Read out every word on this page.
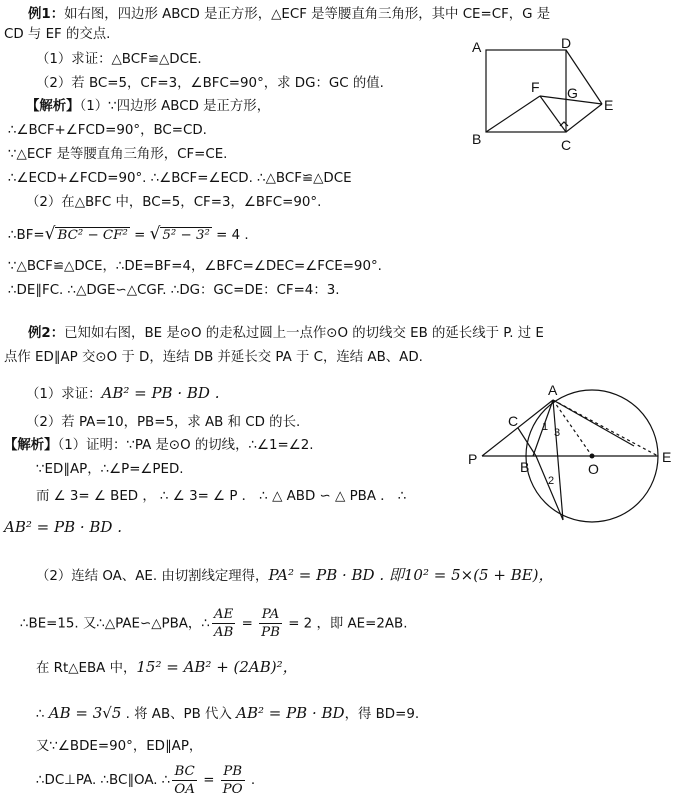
例1：如右图，四边形 ABCD 是正方形，△ECF 是等腰直角三角形，其中 CE=CF，G 是
CD 与 EF 的交点.
（1）求证：△BCF≌△DCE.
（2）若 BC=5，CF=3，∠BFC=90°，求 DG：GC 的值.
【解析】（1）∵四边形 ABCD 是正方形，
∴∠BCF+∠FCD=90°，BC=CD.
∵△ECF 是等腰直角三角形，CF=CE.
∴∠ECD+∠FCD=90°. ∴∠BCF=∠ECD. ∴△BCF≌△DCE
（2）在△BFC 中，BC=5，CF=3，∠BFC=90°.
∴BF=√ BC² − CF² = √ 5² − 3² = 4 .
∵△BCF≌△DCE，∴DE=BF=4，∠BFC=∠DEC=∠FCE=90°.
∴DE∥FC. ∴△DGE∽△CGF. ∴DG：GC=DE：CF=4：3.
A	D
B	C
E
F G
例2：已知如右图，BE 是⊙O 的走私过圆上一点作⊙O 的切线交 EB 的延长线于 P. 过 E
点作 ED∥AP 交⊙O 于 D，连结 DB 并延长交 PA 于 C，连结 AB、AD.
（1）求证：AB² = PB · BD .
（2）若 PA=10，PB=5，求 AB 和 CD 的长.
【解析】（1）证明：∵PA 是⊙O 的切线，∴∠1=∠2.
∵ED∥AP，∴∠P=∠PED.
而 ∠ 3= ∠ BED ， ∴ ∠ 3= ∠ P ． ∴ △ ABD ∽ △ PBA ． ∴
AB² = PB · BD .
（2）连结 OA、AE. 由切割线定理得，PA² = PB · BD . 即10² = 5×(5 + BE)，
∴BE=15. 又∴△PAE∽△PBA，∴ $\frac{AE}{AB} = \frac{PA}{PB} = 2$ ，即 AE=2AB.
在 Rt△EBA 中，15² = AB² + (2AB)²，
∴ AB = 3√5 . 将 AB、PB 代入 AB² = PB · BD，得 BD=9.
又∵∠BDE=90°，ED∥AP，
∴DC⊥PA. ∴BC∥OA. ∴ $\frac{BC}{OA} = \frac{PB}{PO}$ .
P
A
C
B	O
E
1 3
2
